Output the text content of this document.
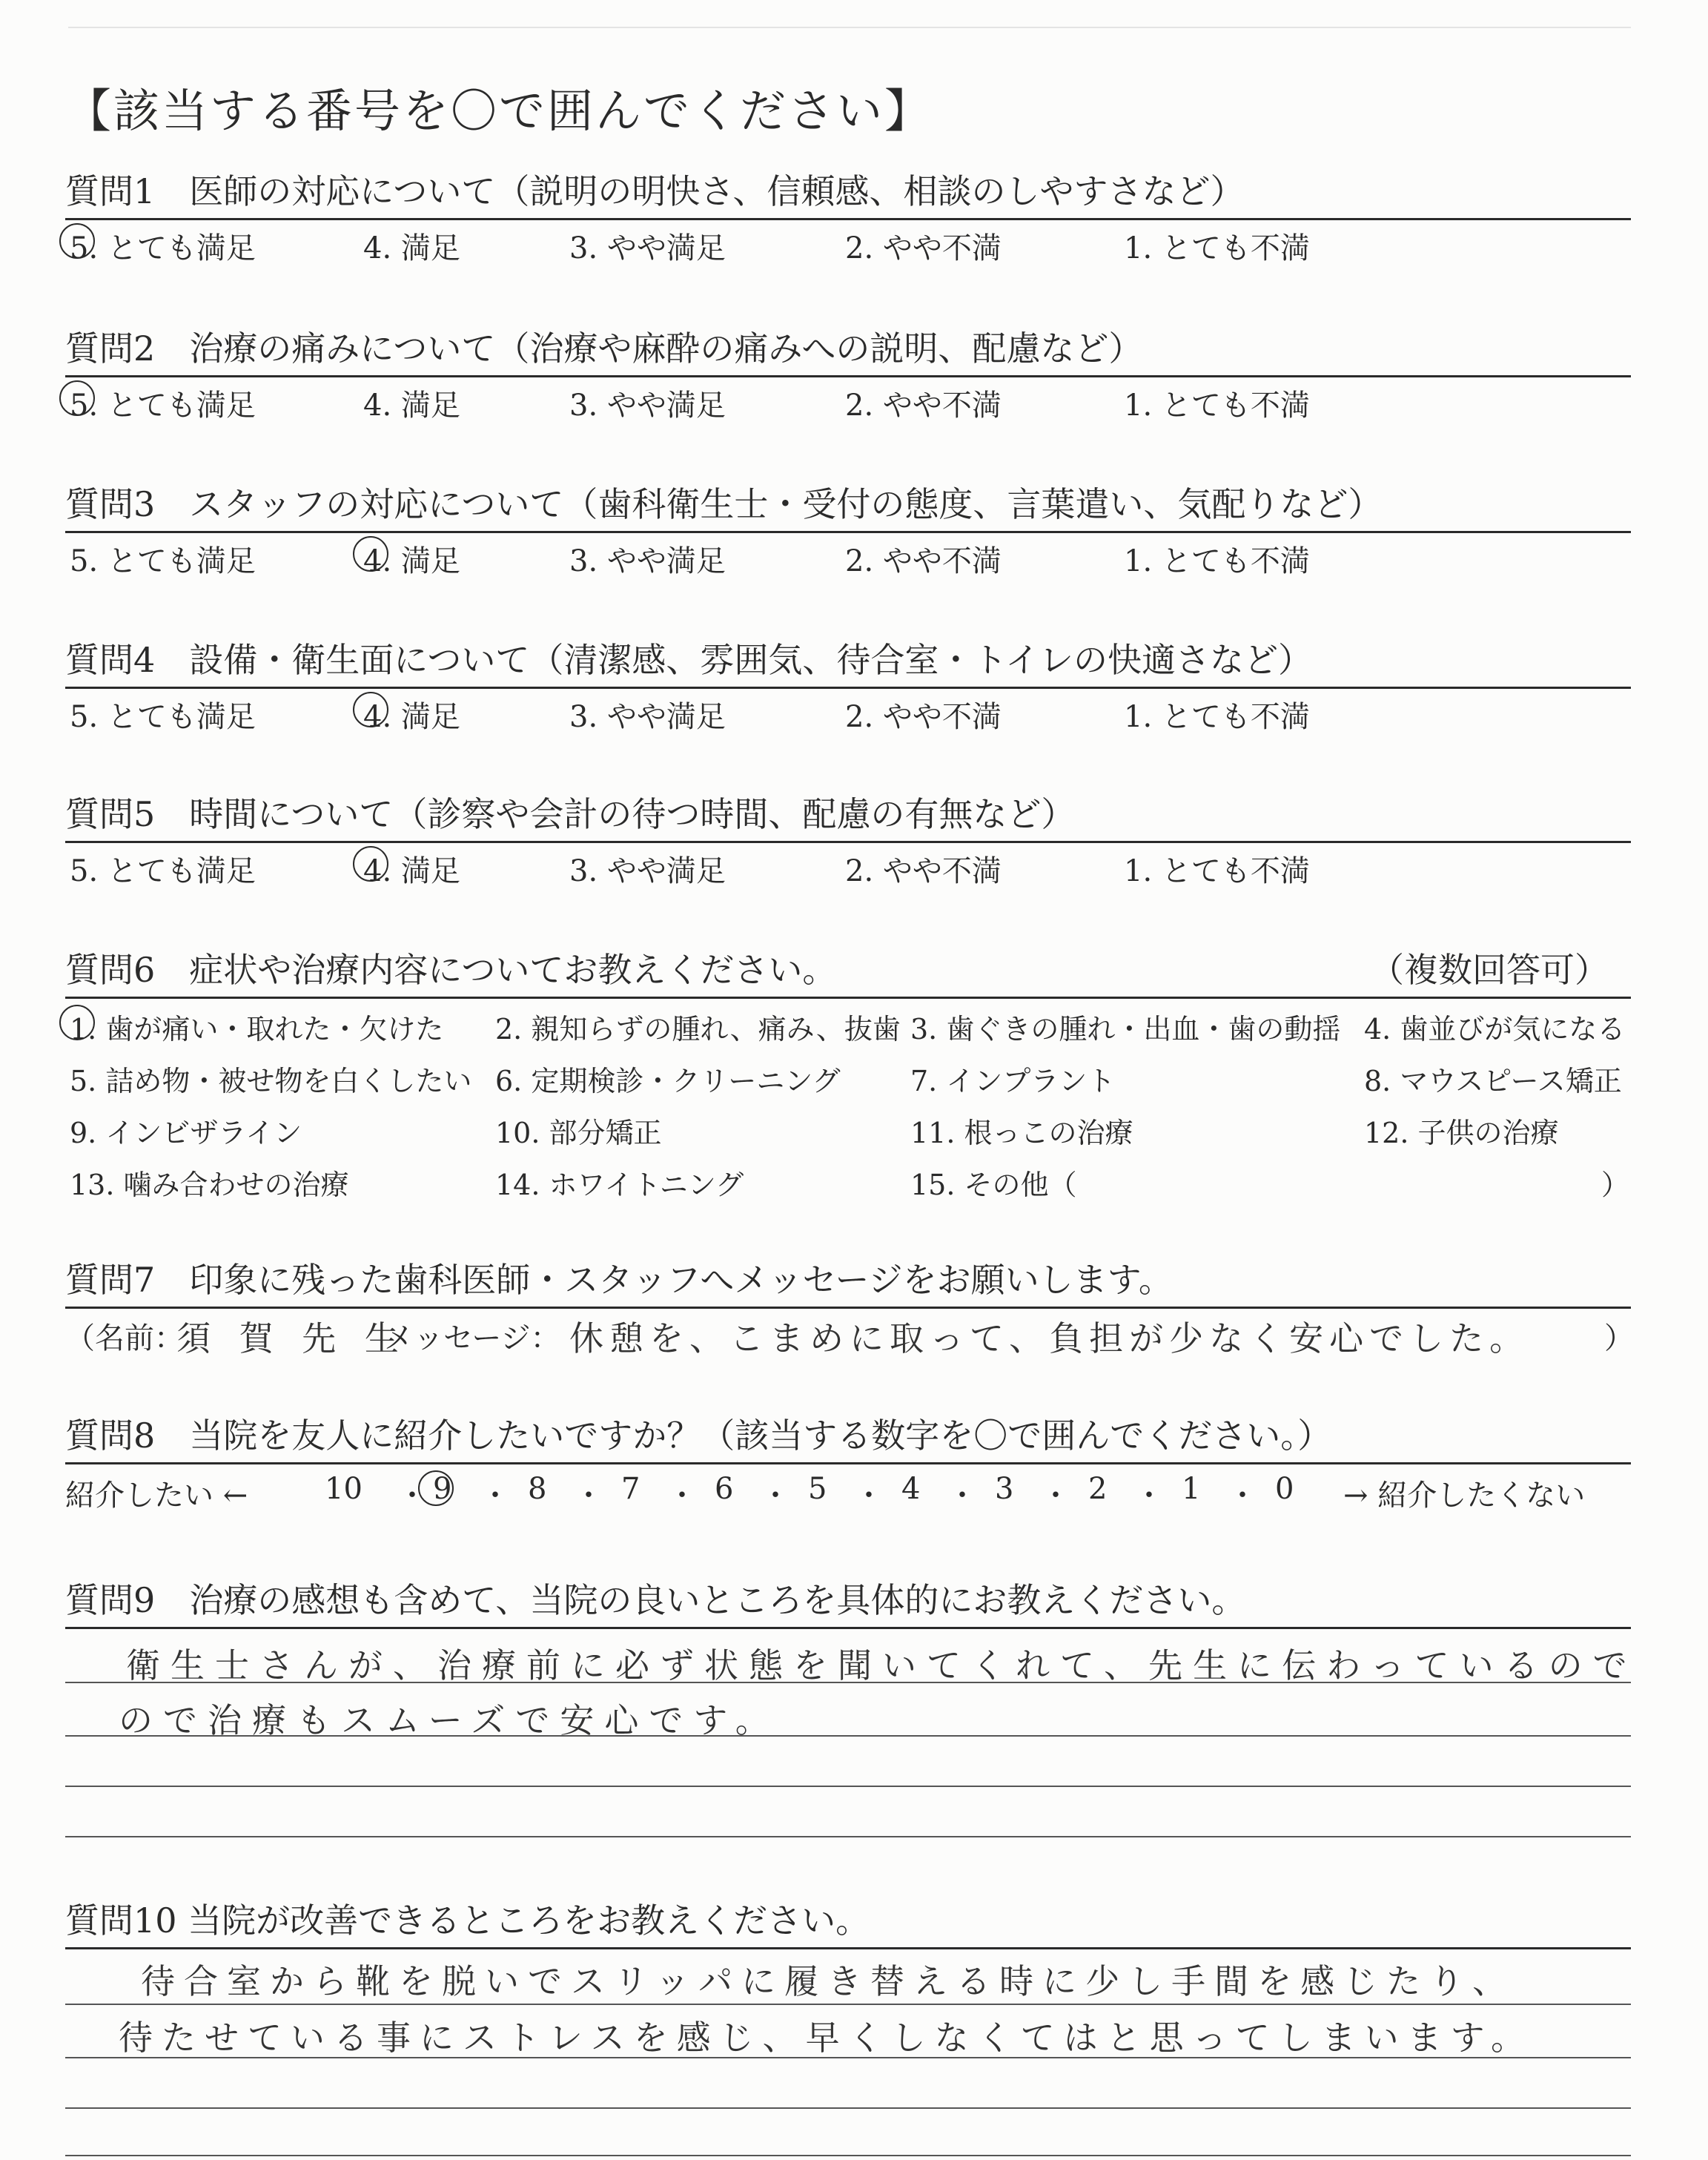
【該当する番号を〇で囲んでください】
質問1　医師の対応について（説明の明快さ、信頼感、相談のしやすさなど）
5. とても満足	4. 満足	3. やや満足	2. やや不満	1. とても不満
質問2　治療の痛みについて（治療や麻酔の痛みへの説明、配慮など）
5. とても満足	4. 満足	3. やや満足	2. やや不満	1. とても不満
質問3　スタッフの対応について（歯科衛生士・受付の態度、言葉遣い、気配りなど）
5. とても満足	4. 満足	3. やや満足	2. やや不満	1. とても不満
質問4　設備・衛生面について（清潔感、雰囲気、待合室・トイレの快適さなど）
5. とても満足	4. 満足	3. やや満足	2. やや不満	1. とても不満
質問5　時間について（診察や会計の待つ時間、配慮の有無など）
5. とても満足	4. 満足	3. やや満足	2. やや不満	1. とても不満
質問6　症状や治療内容についてお教えください。	（複数回答可）
1. 歯が痛い・取れた・欠けた 2. 親知らずの腫れ、痛み、抜歯 3. 歯ぐきの腫れ・出血・歯の動揺 4. 歯並びが気になる
5. 詰め物・被せ物を白くしたい 6. 定期検診・クリーニング 7. インプラント	8. マウスピース矯正
9. インビザライン	10. 部分矯正	11. 根っこの治療	12. 子供の治療
13. 噛み合わせの治療	14. ホワイトニング	15. その他（	）
質問7　印象に残った歯科医師・スタッフへメッセージをお願いします。
（名前：
須 賀 先 生
メッセージ： 休憩を、こまめに取って、負担が少なく安心でした。	）
質問8　当院を友人に紹介したいですか？（該当する数字を〇で囲んでください。）
紹介したい ←	10 ・ 9 ・ 8 ・ 7 ・ 6 ・ 5 ・ 4 ・ 3 ・ 2 ・ 1 ・ 0 → 紹介したくない
質問9　治療の感想も含めて、当院の良いところを具体的にお教えください。
衛生士さんが、治療前に必ず状態を聞いてくれて、先生に伝わっているので
ので治療もスムーズで安心です。
質問10 当院が改善できるところをお教えください。
待合室から靴を脱いでスリッパに履き替える時に少し手間を感じたり、
待たせている事にストレスを感じ、早くしなくてはと思ってしまいます。
